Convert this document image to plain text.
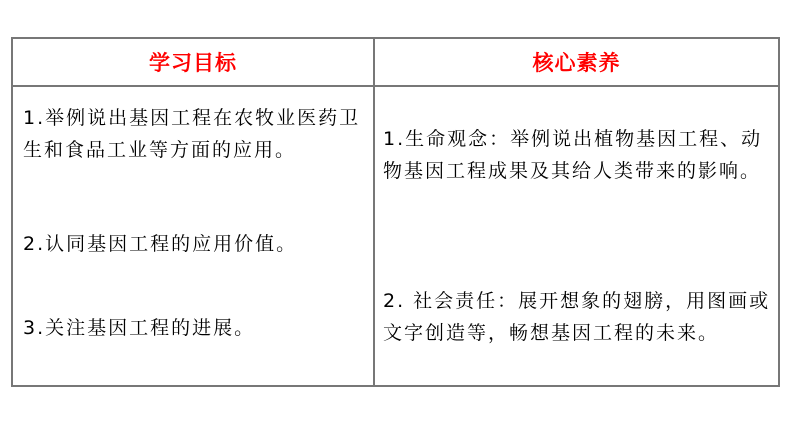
学习目标
1.举例说出基因工程在农牧业医药卫生和食品工业等方面的应用。
2.认同基因工程的应用价值。
3.关注基因工程的进展。
核心素养
1.生命观念：举例说出植物基因工程、动物基因工程成果及其给人类带来的影响。
2. 社会责任：展开想象的翅膀，用图画或文字创造等，畅想基因工程的未来。
